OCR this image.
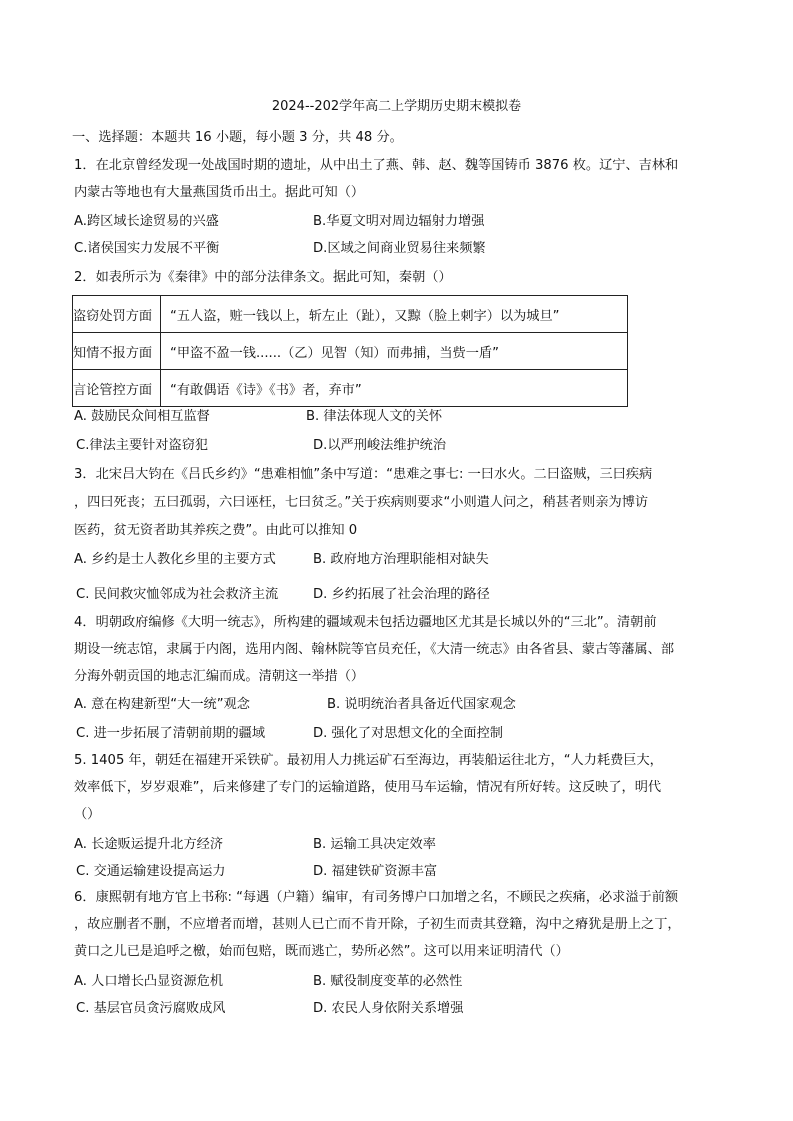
2024--202学年高二上学期历史期末模拟卷
一、选择题：本题共 16 小题，每小题 3 分，共 48 分。
1．在北京曾经发现一处战国时期的遗址，从中出土了燕、韩、赵、魏等国铸币 3876 枚。辽宁、吉林和
内蒙古等地也有大量燕国货币出土。据此可知（）
A.跨区域长途贸易的兴盛	B.华夏文明对周边辐射力增强
C.诸侯国实力发展不平衡	D.区域之间商业贸易往来频繁
2．如表所示为《秦律》中的部分法律条文。据此可知，秦朝（）
盗窃处罚方面	“五人盗，赃一钱以上，斩左止（趾），又黥（脸上刺字）以为城旦”
知情不报方面	“甲盗不盈一钱......（乙）见智（知）而弗捕，当赀一盾”
言论管控方面	“有敢偶语《诗》《书》者，弃市”
A. 鼓励民众间相互监督	B. 律法体现人文的关怀
C.律法主要针对盗窃犯	D.以严刑峻法维护统治
3．北宋吕大钧在《吕氏乡约》“患难相恤”条中写道：“患难之事七: 一曰水火。二曰盗贼，三曰疾病
，四曰死丧；五曰孤弱，六曰诬枉，七曰贫乏。”关于疾病则要求“小则遣人问之，稍甚者则亲为博访
医药，贫无资者助其养疾之费”。由此可以推知 0
A. 乡约是士人教化乡里的主要方式	B. 政府地方治理职能相对缺失
C. 民间救灾恤邻成为社会救济主流	D. 乡约拓展了社会治理的路径
4．明朝政府编修《大明一统志》，所构建的疆域观未包括边疆地区尤其是长城以外的“三北”。清朝前
期设一统志馆，隶属于内阁，选用内阁、翰林院等官员充任，《大清一统志》由各省县、蒙古等藩属、部
分海外朝贡国的地志汇编而成。清朝这一举措（）
A. 意在构建新型“大一统”观念	B. 说明统治者具备近代国家观念
C. 进一步拓展了清朝前期的疆域	D. 强化了对思想文化的全面控制
5. 1405 年，朝廷在福建开采铁矿。最初用人力挑运矿石至海边，再装船运往北方，“人力耗费巨大，
效率低下，岁岁艰难”，后来修建了专门的运输道路，使用马车运输，情况有所好转。这反映了，明代
（）
A. 长途贩运提升北方经济	B. 运输工具决定效率
C. 交通运输建设提高运力	D. 福建铁矿资源丰富
6．康熙朝有地方官上书称: “每遇（户籍）编审，有司务博户口加增之名，不顾民之疾痛，必求溢于前额
，故应删者不删，不应增者而增，甚则人已亡而不肯开除，子初生而责其登籍，沟中之瘠犹是册上之丁，
黄口之儿已是追呼之檄，始而包赔，既而逃亡，势所必然”。这可以用来证明清代（）
A. 人口增长凸显资源危机	B. 赋役制度变革的必然性
C. 基层官员贪污腐败成风	D. 农民人身依附关系增强
